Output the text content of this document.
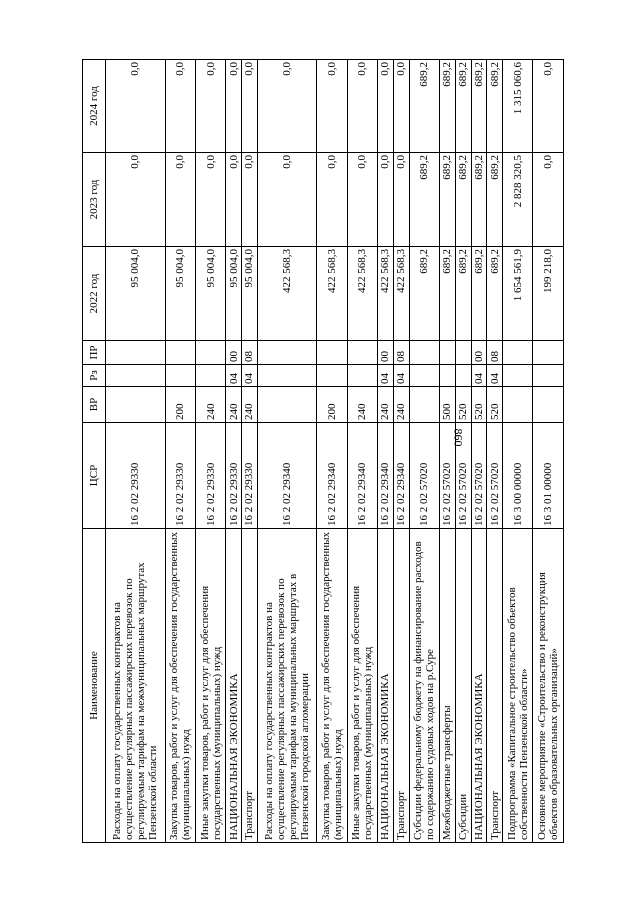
860
Наименование	ЦСР	ВР	Рз	ПР	2022 год	2023 год	2024 год
Расходы на оплату государственных контрактов на осуществление регулярных пассажирских перевозок по регулируемым тарифам на межмуниципальных маршрутах Пензенской области	16 2 02 29330				95 004,0	0,0	0,0
Закупка товаров, работ и услуг для обеспечения государственных (муниципальных) нужд	16 2 02 29330	200			95 004,0	0,0	0,0
Иные закупки товаров, работ и услуг для обеспечения государственных (муниципальных) нужд	16 2 02 29330	240			95 004,0	0,0	0,0
НАЦИОНАЛЬНАЯ ЭКОНОМИКА	16 2 02 29330	240	04	00	95 004,0	0,0	0,0
Транспорт	16 2 02 29330	240	04	08	95 004,0	0,0	0,0
Расходы на оплату государственных контрактов на осуществление регулярных пассажирских перевозок по регулируемым тарифам на муниципальных маршрутах в Пензенской городской агломерации	16 2 02 29340				422 568,3	0,0	0,0
Закупка товаров, работ и услуг для обеспечения государственных (муниципальных) нужд	16 2 02 29340	200			422 568,3	0,0	0,0
Иные закупки товаров, работ и услуг для обеспечения государственных (муниципальных) нужд	16 2 02 29340	240			422 568,3	0,0	0,0
НАЦИОНАЛЬНАЯ ЭКОНОМИКА	16 2 02 29340	240	04	00	422 568,3	0,0	0,0
Транспорт	16 2 02 29340	240	04	08	422 568,3	0,0	0,0
Субсидии федеральному бюджету на финансирование расходов по содержанию судовых ходов на р.Суре	16 2 02 57020				689,2	689,2	689,2
Межбюджетные трансферты	16 2 02 57020	500			689,2	689,2	689,2
Субсидии	16 2 02 57020	520			689,2	689,2	689,2
НАЦИОНАЛЬНАЯ ЭКОНОМИКА	16 2 02 57020	520	04	00	689,2	689,2	689,2
Транспорт	16 2 02 57020	520	04	08	689,2	689,2	689,2
Подпрограмма «Капитальное строительство объектов собственности Пензенской области»	16 3 00 00000				1 654 561,9	2 828 320,5	1 315 060,6
Основное мероприятие «Строительство и реконструкция объектов образовательных организаций»	16 3 01 00000				199 218,0	0,0	0,0
